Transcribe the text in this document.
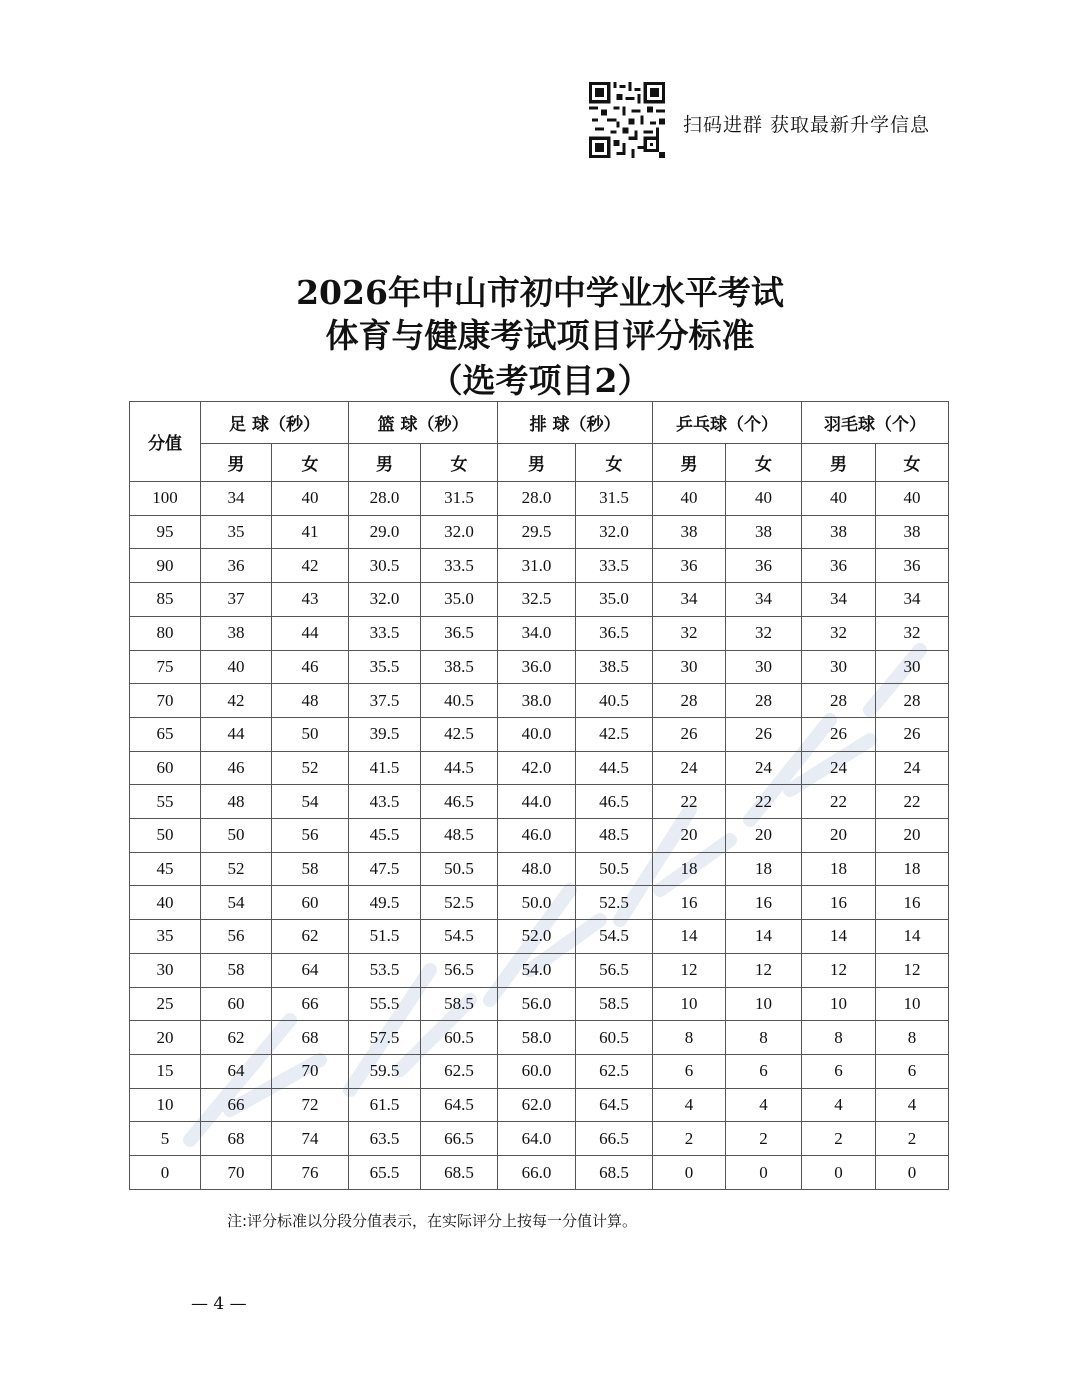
扫码进群 获取最新升学信息
2026年中山市初中学业水平考试
体育与健康考试项目评分标准
（选考项目2）
分值	足 球（秒）		篮 球（秒）		排 球（秒）		乒乓球（个）		羽毛球（个）	
	男	女	男	女	男	女	男	女	男	女
100	34	40	28.0	31.5	28.0	31.5	40	40	40	40
95	35	41	29.0	32.0	29.5	32.0	38	38	38	38
90	36	42	30.5	33.5	31.0	33.5	36	36	36	36
85	37	43	32.0	35.0	32.5	35.0	34	34	34	34
80	38	44	33.5	36.5	34.0	36.5	32	32	32	32
75	40	46	35.5	38.5	36.0	38.5	30	30	30	30
70	42	48	37.5	40.5	38.0	40.5	28	28	28	28
65	44	50	39.5	42.5	40.0	42.5	26	26	26	26
60	46	52	41.5	44.5	42.0	44.5	24	24	24	24
55	48	54	43.5	46.5	44.0	46.5	22	22	22	22
50	50	56	45.5	48.5	46.0	48.5	20	20	20	20
45	52	58	47.5	50.5	48.0	50.5	18	18	18	18
40	54	60	49.5	52.5	50.0	52.5	16	16	16	16
35	56	62	51.5	54.5	52.0	54.5	14	14	14	14
30	58	64	53.5	56.5	54.0	56.5	12	12	12	12
25	60	66	55.5	58.5	56.0	58.5	10	10	10	10
20	62	68	57.5	60.5	58.0	60.5	8	8	8	8
15	64	70	59.5	62.5	60.0	62.5	6	6	6	6
10	66	72	61.5	64.5	62.0	64.5	4	4	4	4
5	68	74	63.5	66.5	64.0	66.5	2	2	2	2
0	70	76	65.5	68.5	66.0	68.5	0	0	0	0
注:评分标准以分段分值表示，在实际评分上按每一分值计算。
— 4 —
